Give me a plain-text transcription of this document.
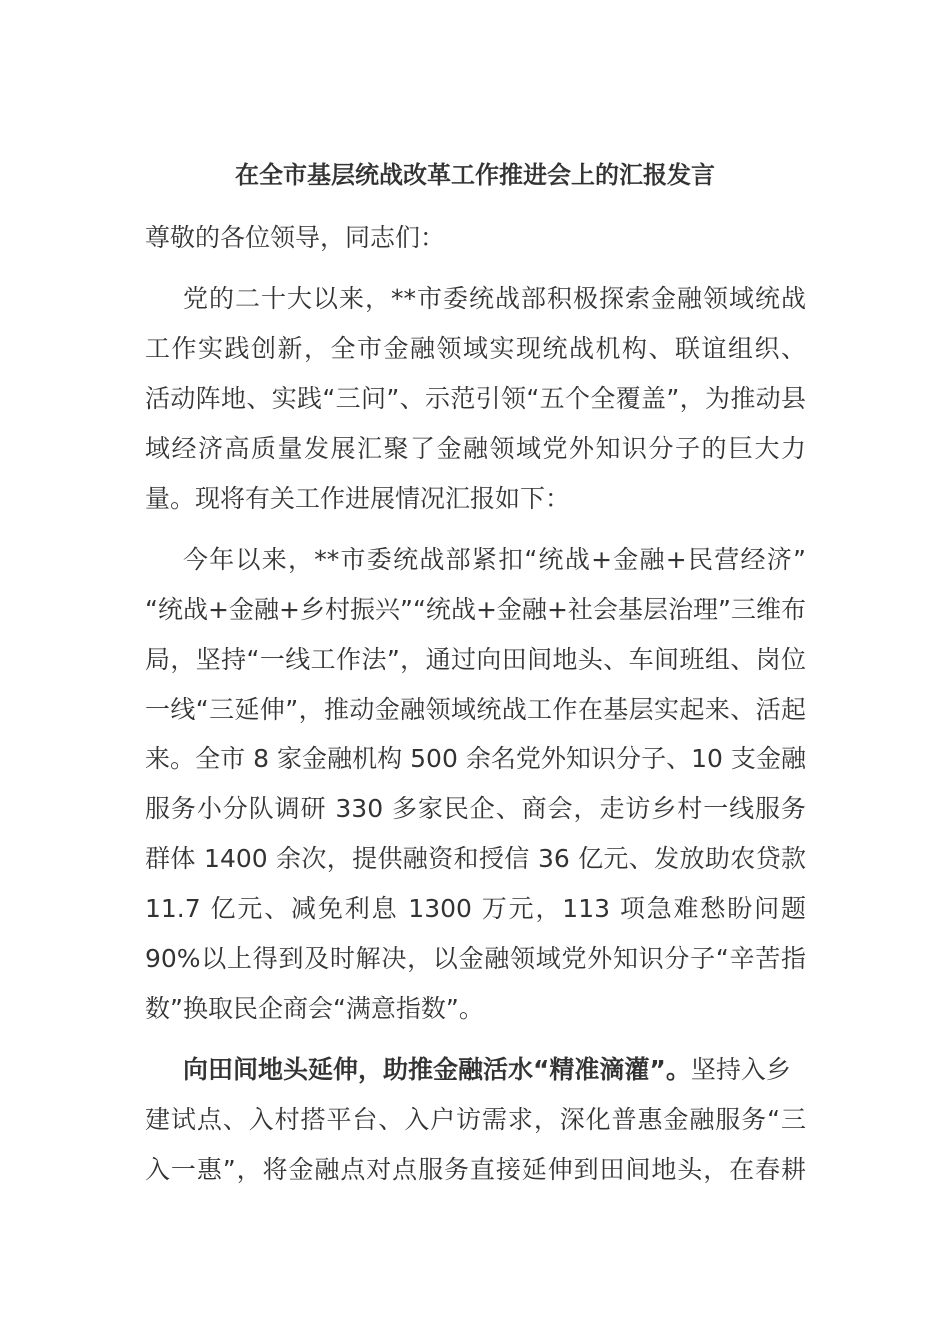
在全市基层统战改革工作推进会上的汇报发言
尊敬的各位领导，同志们：
党的二十大以来，**市委统战部积极探索金融领域统战
工作实践创新，全市金融领域实现统战机构、联谊组织、
活动阵地、实践“三问”、示范引领“五个全覆盖”，为推动县
域经济高质量发展汇聚了金融领域党外知识分子的巨大力
量。现将有关工作进展情况汇报如下：
今年以来，**市委统战部紧扣“统战+金融+民营经济”
“统战+金融+乡村振兴”“统战+金融+社会基层治理”三维布
局，坚持“一线工作法”，通过向田间地头、车间班组、岗位
一线“三延伸”，推动金融领域统战工作在基层实起来、活起
来。全市 8 家金融机构 500 余名党外知识分子、10 支金融
服务小分队调研 330 多家民企、商会，走访乡村一线服务
群体 1400 余次，提供融资和授信 36 亿元、发放助农贷款
11.7 亿元、减免利息 1300 万元，113 项急难愁盼问题
90%以上得到及时解决，以金融领域党外知识分子“辛苦指
数”换取民企商会“满意指数”。
向田间地头延伸，助推金融活水“精准滴灌”。坚持入乡
建试点、入村搭平台、入户访需求，深化普惠金融服务“三
入一惠”，将金融点对点服务直接延伸到田间地头，在春耕
